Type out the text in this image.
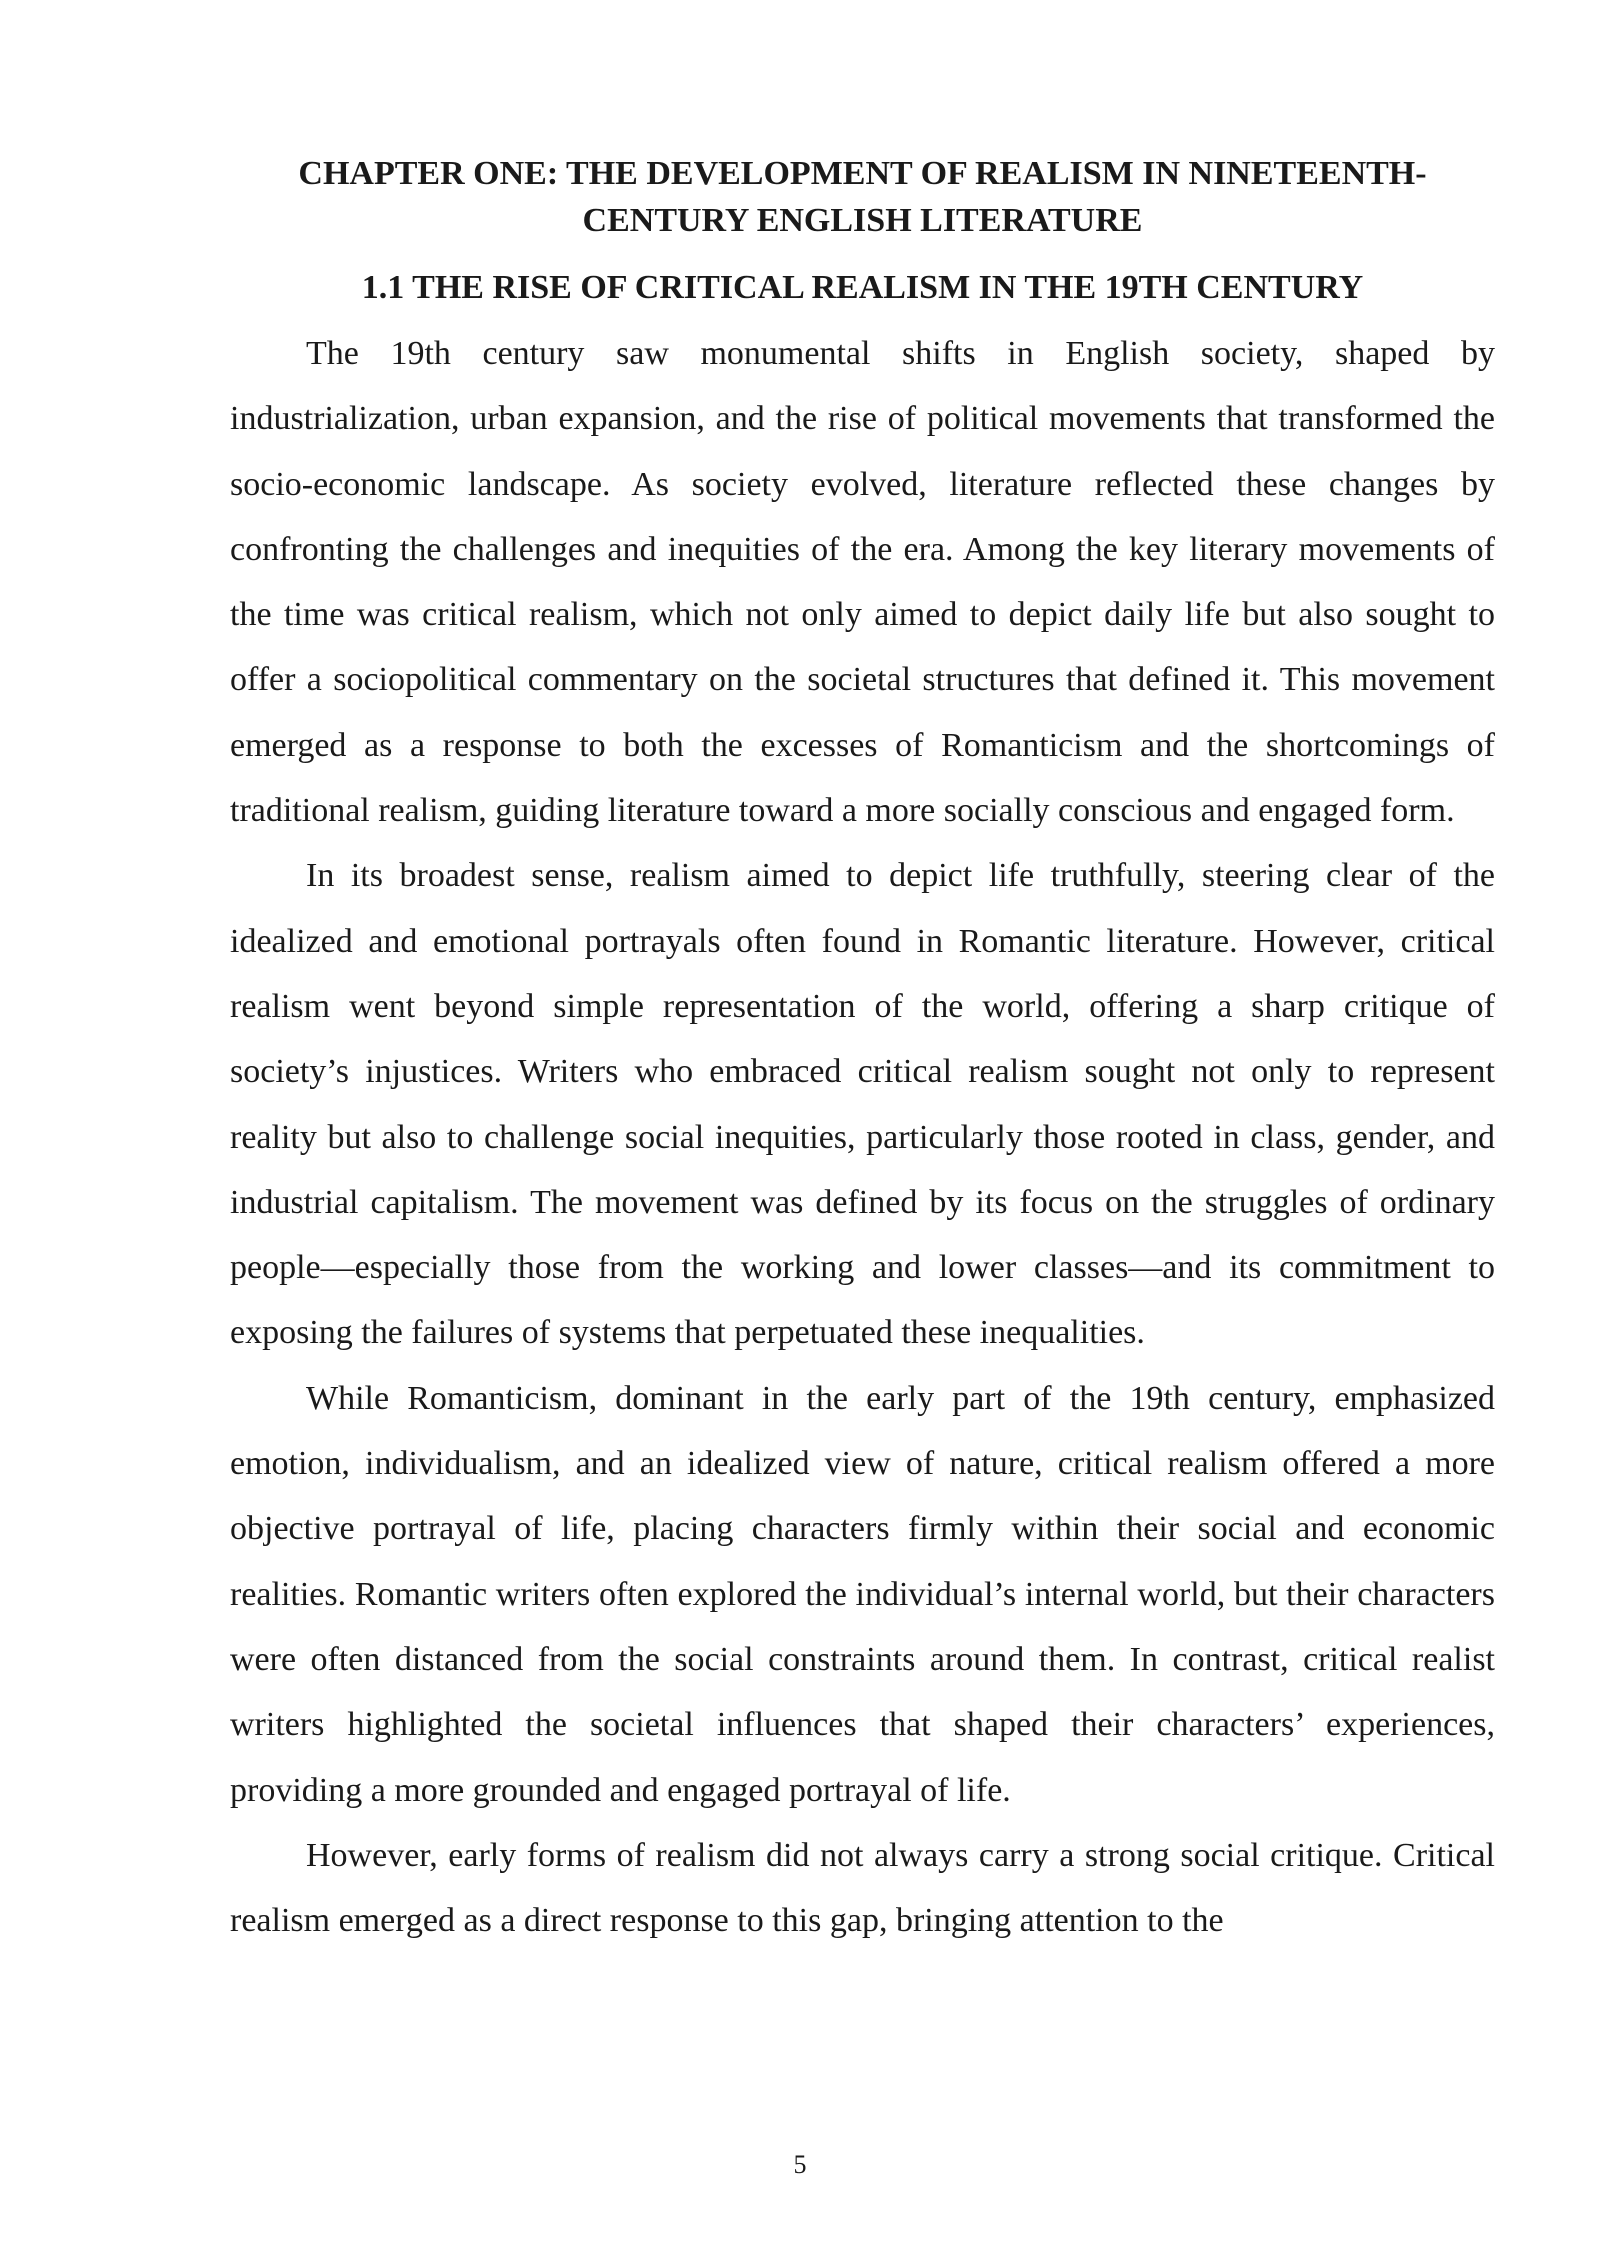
CHAPTER ONE: THE DEVELOPMENT OF REALISM IN NINETEENTH-
CENTURY ENGLISH LITERATURE
1.1 THE RISE OF CRITICAL REALISM IN THE 19TH CENTURY

The 19th century saw monumental shifts in English society, shaped by industrialization, urban expansion, and the rise of political movements that transformed the socio-economic landscape. As society evolved, literature reflected these changes by confronting the challenges and inequities of the era. Among the key literary movements of the time was critical realism, which not only aimed to depict daily life but also sought to offer a sociopolitical commentary on the societal structures that defined it. This movement emerged as a response to both the excesses of Romanticism and the shortcomings of traditional realism, guiding literature toward a more socially conscious and engaged form.

In its broadest sense, realism aimed to depict life truthfully, steering clear of the idealized and emotional portrayals often found in Romantic literature. However, critical realism went beyond simple representation of the world, offering a sharp critique of society’s injustices. Writers who embraced critical realism sought not only to represent reality but also to challenge social inequities, particularly those rooted in class, gender, and industrial capitalism. The movement was defined by its focus on the struggles of ordinary people—especially those from the working and lower classes—and its commitment to exposing the failures of systems that perpetuated these inequalities.

While Romanticism, dominant in the early part of the 19th century, emphasized emotion, individualism, and an idealized view of nature, critical realism offered a more objective portrayal of life, placing characters firmly within their social and economic realities. Romantic writers often explored the individual’s internal world, but their characters were often distanced from the social constraints around them. In contrast, critical realist writers highlighted the societal influences that shaped their characters’ experiences, providing a more grounded and engaged portrayal of life.

However, early forms of realism did not always carry a strong social critique. Critical realism emerged as a direct response to this gap, bringing attention to the

5
